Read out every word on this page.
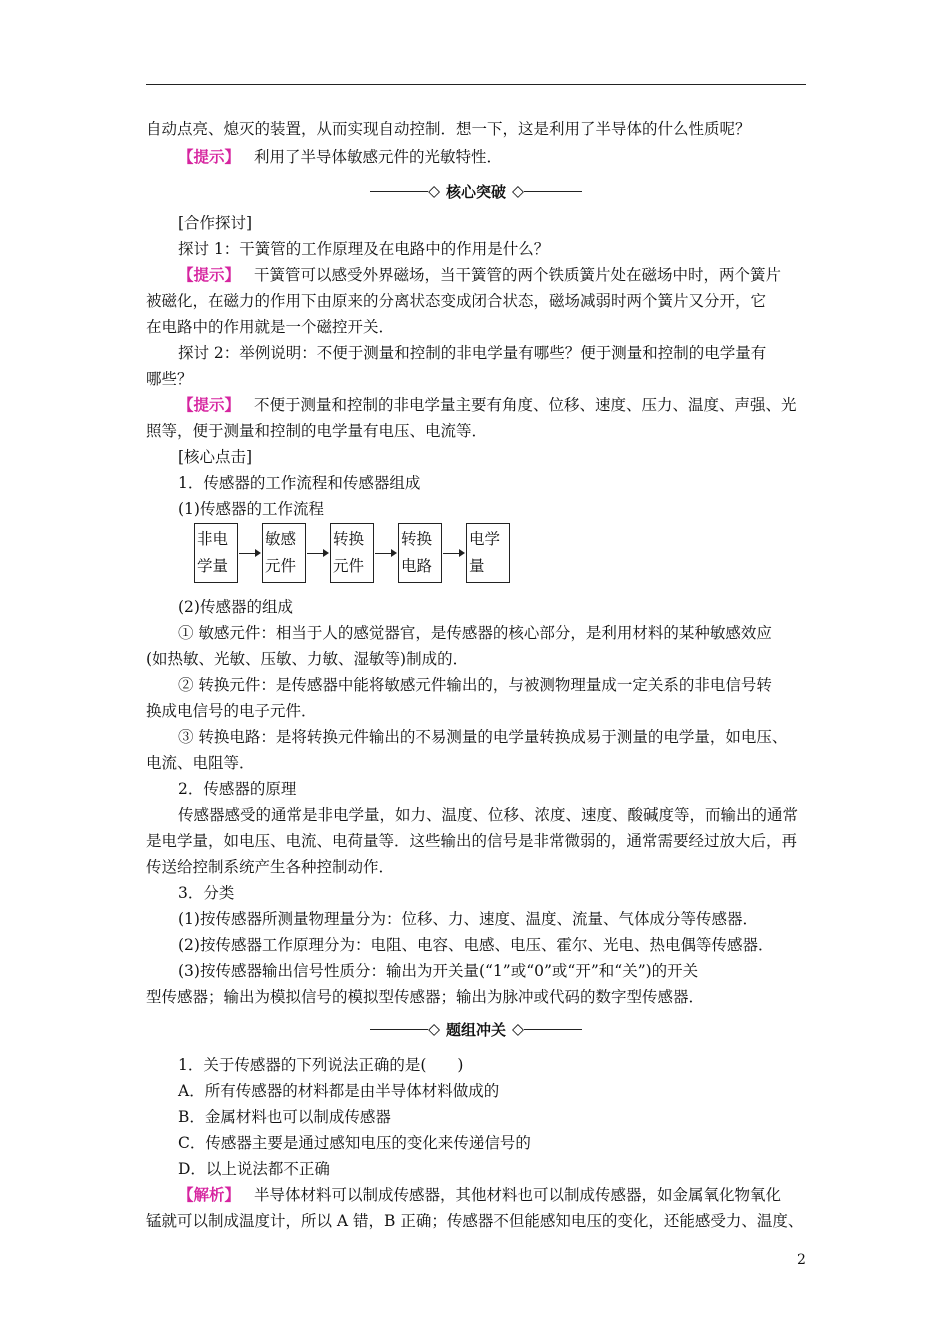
自动点亮、熄灭的装置，从而实现自动控制．想一下，这是利用了半导体的什么性质呢？
【提示】 利用了半导体敏感元件的光敏特性．
◇ 核心突破 ◇
[合作探讨]
探讨 1：干簧管的工作原理及在电路中的作用是什么？
【提示】 干簧管可以感受外界磁场，当干簧管的两个铁质簧片处在磁场中时，两个簧片
被磁化，在磁力的作用下由原来的分离状态变成闭合状态，磁场减弱时两个簧片又分开，它
在电路中的作用就是一个磁控开关．
探讨 2：举例说明：不便于测量和控制的非电学量有哪些？便于测量和控制的电学量有
哪些？
【提示】 不便于测量和控制的非电学量主要有角度、位移、速度、压力、温度、声强、光
照等，便于测量和控制的电学量有电压、电流等．
[核心点击]
1．传感器的工作流程和传感器组成
(1)传感器的工作流程
非电
学量
敏感
元件
转换
元件
转换
电路
电学
量
(2)传感器的组成
① 敏感元件：相当于人的感觉器官，是传感器的核心部分，是利用材料的某种敏感效应
(如热敏、光敏、压敏、力敏、湿敏等)制成的．
② 转换元件：是传感器中能将敏感元件输出的，与被测物理量成一定关系的非电信号转
换成电信号的电子元件．
③ 转换电路：是将转换元件输出的不易测量的电学量转换成易于测量的电学量，如电压、
电流、电阻等．
2．传感器的原理
传感器感受的通常是非电学量，如力、温度、位移、浓度、速度、酸碱度等，而输出的通常
是电学量，如电压、电流、电荷量等．这些输出的信号是非常微弱的，通常需要经过放大后，再
传送给控制系统产生各种控制动作．
3．分类
(1)按传感器所测量物理量分为：位移、力、速度、温度、流量、气体成分等传感器．
(2)按传感器工作原理分为：电阻、电容、电感、电压、霍尔、光电、热电偶等传感器．
(3)按传感器输出信号性质分：输出为开关量(“1”或“0”或“开”和“关”)的开关
型传感器；输出为模拟信号的模拟型传感器；输出为脉冲或代码的数字型传感器．
◇ 题组冲关 ◇
1．关于传感器的下列说法正确的是(　　)
A．所有传感器的材料都是由半导体材料做成的
B．金属材料也可以制成传感器
C．传感器主要是通过感知电压的变化来传递信号的
D．以上说法都不正确
【解析】 半导体材料可以制成传感器，其他材料也可以制成传感器，如金属氧化物氧化
锰就可以制成温度计，所以 A 错，B 正确；传感器不但能感知电压的变化，还能感受力、温度、
2
